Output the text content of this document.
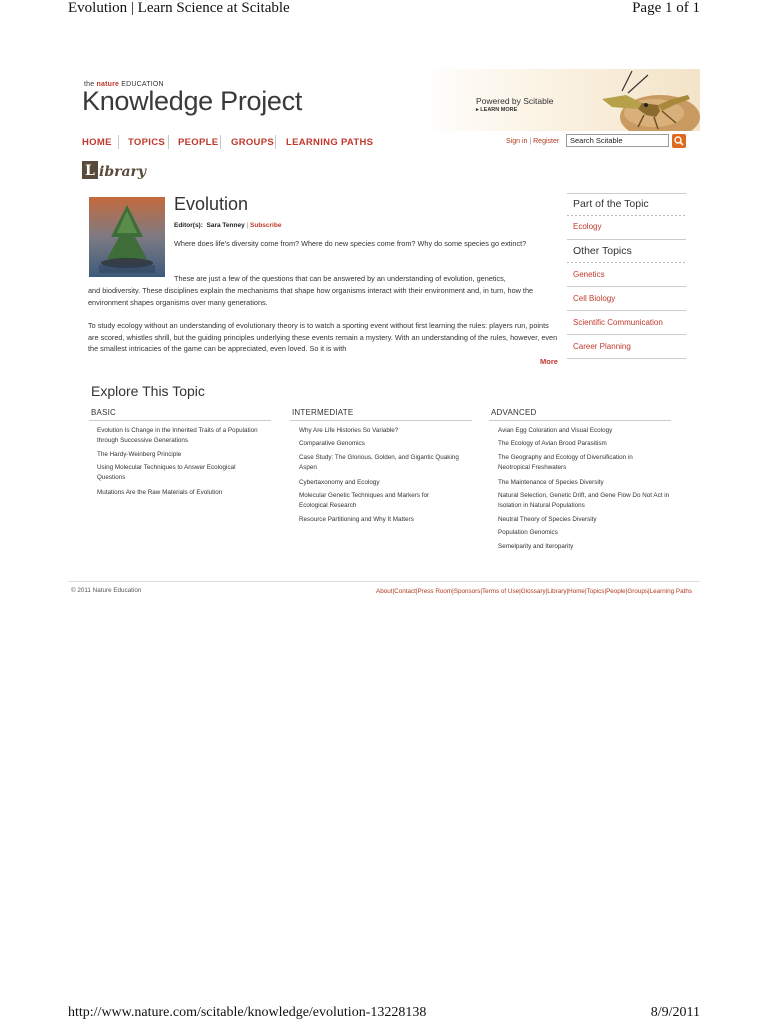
Evolution | Learn Science at Scitable	Page 1 of 1
the nature EDUCATION
Knowledge Project	Powered by Scitable
▸ LEARN MORE
HOME TOPICS PEOPLE GROUPS LEARNING PATHS	Sign in | Register	Search Scitable
L ibrary
Evolution
Editor(s): Sara Tenney | Subscribe
Where does life's diversity come from? Where do new species come from? Why do some species go extinct?
These are just a few of the questions that can be answered by an understanding of evolution, genetics,
and biodiversity. These disciplines explain the mechanisms that shape how organisms interact with their environment and, in turn, how the environment shapes organisms over many generations.
To study ecology without an understanding of evolutionary theory is to watch a sporting event without first learning the rules: players run, points are scored, whistles shrill, but the guiding principles underlying these events remain a mystery. With an understanding of the rules, however, even the smallest intricacies of the game can be appreciated, even loved. So it is with
More
Part of the Topic
Ecology
Other Topics
Genetics
Cell Biology
Scientific Communication
Career Planning
Explore This Topic
BASIC	INTERMEDIATE	ADVANCED
Evolution Is Change in the Inherited Traits of a Population through Successive Generations
The Hardy-Weinberg Principle
Using Molecular Techniques to Answer Ecological Questions
Mutations Are the Raw Materials of Evolution
Why Are Life Histories So Variable?
Comparative Genomics
Case Study: The Glorious, Golden, and Gigantic Quaking Aspen
Cybertaxonomy and Ecology
Molecular Genetic Techniques and Markers for Ecological Research
Resource Partitioning and Why It Matters
Avian Egg Coloration and Visual Ecology
The Ecology of Avian Brood Parasitism
The Geography and Ecology of Diversification in Neotropical Freshwaters
The Maintenance of Species Diversity
Natural Selection, Genetic Drift, and Gene Flow Do Not Act in Isolation in Natural Populations
Neutral Theory of Species Diversity
Population Genomics
Semelparity and Iteroparity
© 2011 Nature Education	About|Contact|Press Room|Sponsors|Terms of Use|Glossary|Library|Home|Topics|People|Groups|Learning Paths
http://www.nature.com/scitable/knowledge/evolution-13228138	8/9/2011
